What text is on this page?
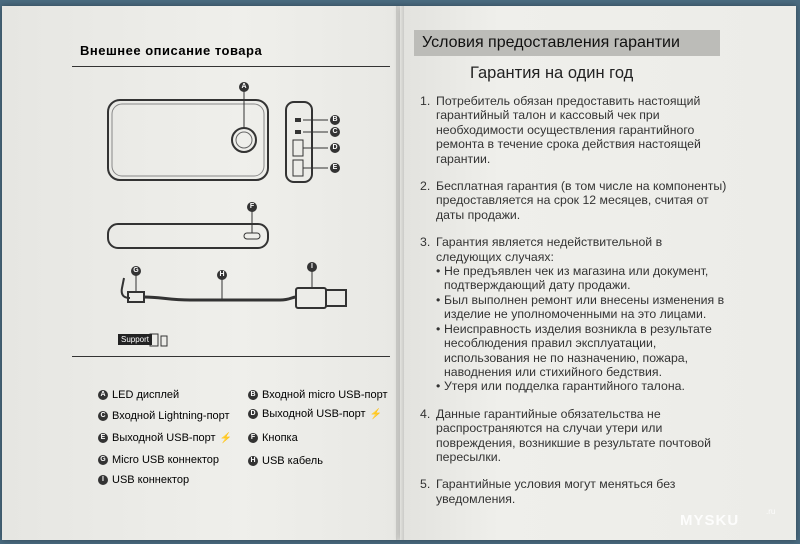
Внешнее описание товара
A
B
C
D
E
F
G
H
I
Support
A LED дисплей	B Входной micro USB-порт
C Входной Lightning-порт	D Выходной USB-порт ⚡
E Выходной USB-порт ⚡	F Кнопка
G Micro USB коннектор	H USB кабель
I USB коннектор
Условия предоставления гарантии
Гарантия на один год
1. Потребитель обязан предоставить настоящий гарантийный талон и кассовый чек при необходимости осуществления гарантийного ремонта в течение срока действия настоящей гарантии.
2. Бесплатная гарантия (в том числе на компоненты) предоставляется на срок 12 месяцев, считая от даты продажи.
3. Гарантия является недействительной в следующих случаях:
• Не предъявлен чек из магазина или документ, подтверждающий дату продажи.
• Был выполнен ремонт или внесены изменения в изделие не уполномоченными на это лицами.
• Неисправность изделия возникла в результате несоблюдения правил эксплуатации, использования не по назначению, пожара, наводнения или стихийного бедствия.
• Утеря или подделка гарантийного талона.
4. Данные гарантийные обязательства не распространяются на случаи утери или повреждения, возникшие в результате почтовой пересылки.
5. Гарантийные условия могут меняться без уведомления.
MYSKU
.ru
